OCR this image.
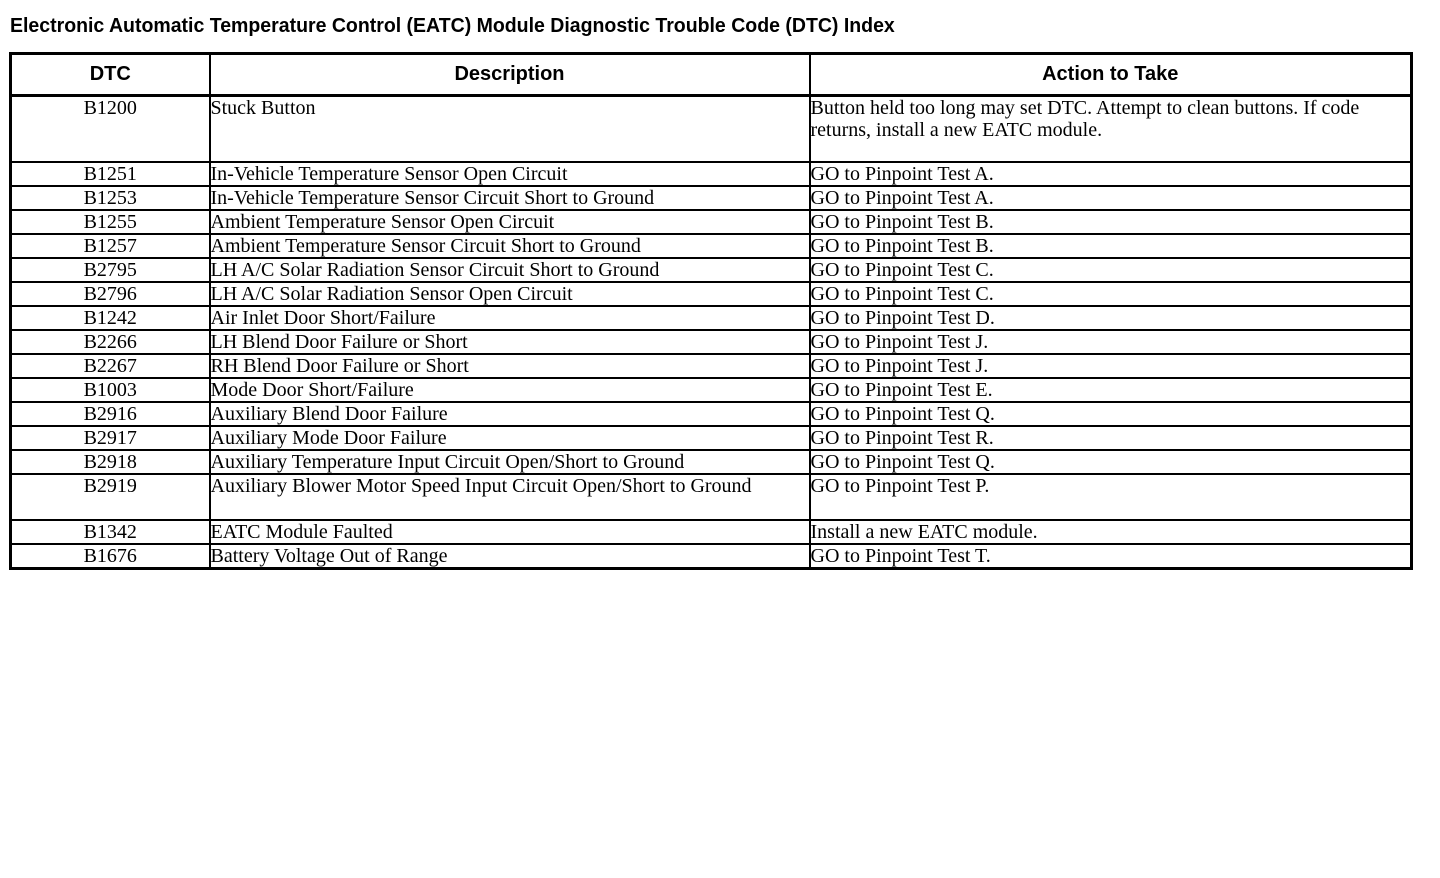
Electronic Automatic Temperature Control (EATC) Module Diagnostic Trouble Code (DTC) Index
DTC	Description	Action to Take
B1200	Stuck Button	Button held too long may set DTC. Attempt to clean buttons. If code returns, install a new EATC module.
B1251	In-Vehicle Temperature Sensor Open Circuit	GO to Pinpoint Test A.
B1253	In-Vehicle Temperature Sensor Circuit Short to Ground	GO to Pinpoint Test A.
B1255	Ambient Temperature Sensor Open Circuit	GO to Pinpoint Test B.
B1257	Ambient Temperature Sensor Circuit Short to Ground	GO to Pinpoint Test B.
B2795	LH A/C Solar Radiation Sensor Circuit Short to Ground	GO to Pinpoint Test C.
B2796	LH A/C Solar Radiation Sensor Open Circuit	GO to Pinpoint Test C.
B1242	Air Inlet Door Short/Failure	GO to Pinpoint Test D.
B2266	LH Blend Door Failure or Short	GO to Pinpoint Test J.
B2267	RH Blend Door Failure or Short	GO to Pinpoint Test J.
B1003	Mode Door Short/Failure	GO to Pinpoint Test E.
B2916	Auxiliary Blend Door Failure	GO to Pinpoint Test Q.
B2917	Auxiliary Mode Door Failure	GO to Pinpoint Test R.
B2918	Auxiliary Temperature Input Circuit Open/Short to Ground	GO to Pinpoint Test Q.
B2919	Auxiliary Blower Motor Speed Input Circuit Open/Short to Ground	GO to Pinpoint Test P.
B1342	EATC Module Faulted	Install a new EATC module.
B1676	Battery Voltage Out of Range	GO to Pinpoint Test T.
